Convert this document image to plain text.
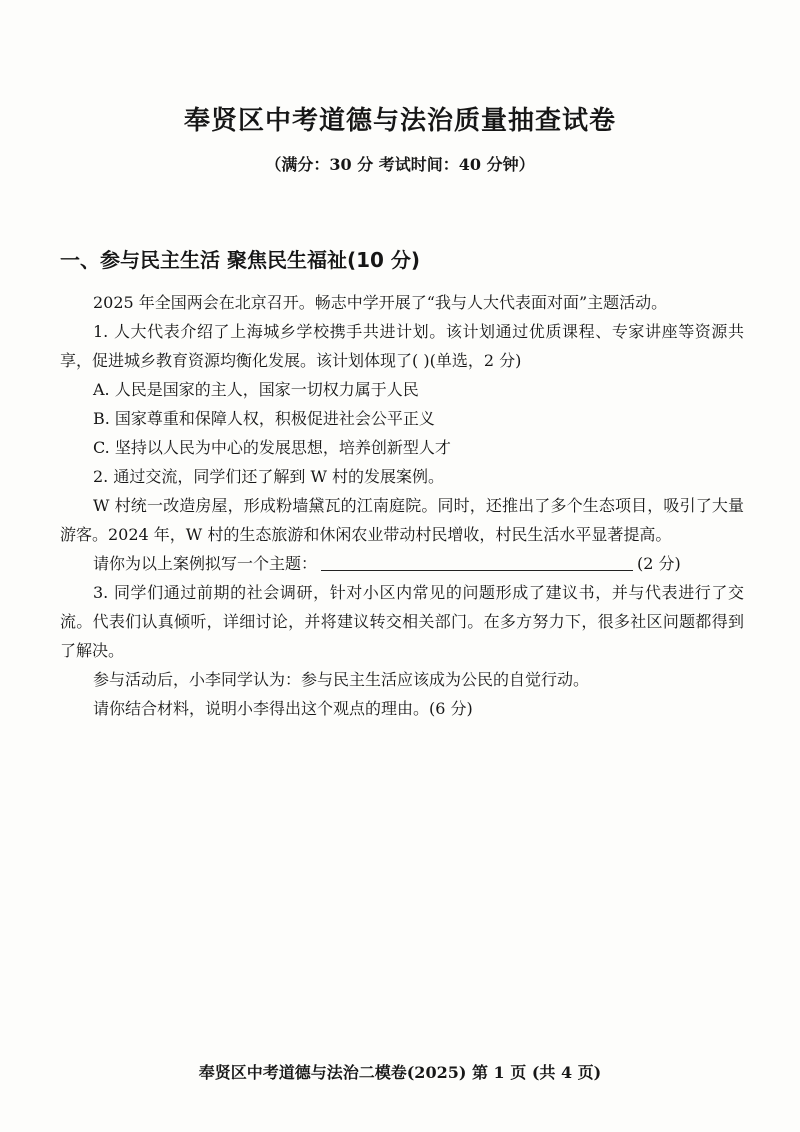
奉贤区中考道德与法治质量抽查试卷
（满分：30 分 考试时间：40 分钟）
一、参与民主生活 聚焦民生福祉(10 分)

2025 年全国两会在北京召开。畅志中学开展了“我与人大代表面对面”主题活动。

1. 人大代表介绍了上海城乡学校携手共进计划。该计划通过优质课程、专家讲座等资源共享，促进城乡教育资源均衡化发展。该计划体现了( )(单选，2 分)

A. 人民是国家的主人，国家一切权力属于人民

B. 国家尊重和保障人权，积极促进社会公平正义

C. 坚持以人民为中心的发展思想，培养创新型人才

2. 通过交流，同学们还了解到 W 村的发展案例。

W 村统一改造房屋，形成粉墙黛瓦的江南庭院。同时，还推出了多个生态项目，吸引了大量游客。2024 年，W 村的生态旅游和休闲农业带动村民增收，村民生活水平显著提高。

请你为以上案例拟写一个主题：	(2 分)

3. 同学们通过前期的社会调研，针对小区内常见的问题形成了建议书，并与代表进行了交流。代表们认真倾听，详细讨论，并将建议转交相关部门。在多方努力下，很多社区问题都得到了解决。

参与活动后，小李同学认为：参与民主生活应该成为公民的自觉行动。

请你结合材料，说明小李得出这个观点的理由。(6 分)

奉贤区中考道德与法治二模卷(2025) 第 1 页 (共 4 页)
